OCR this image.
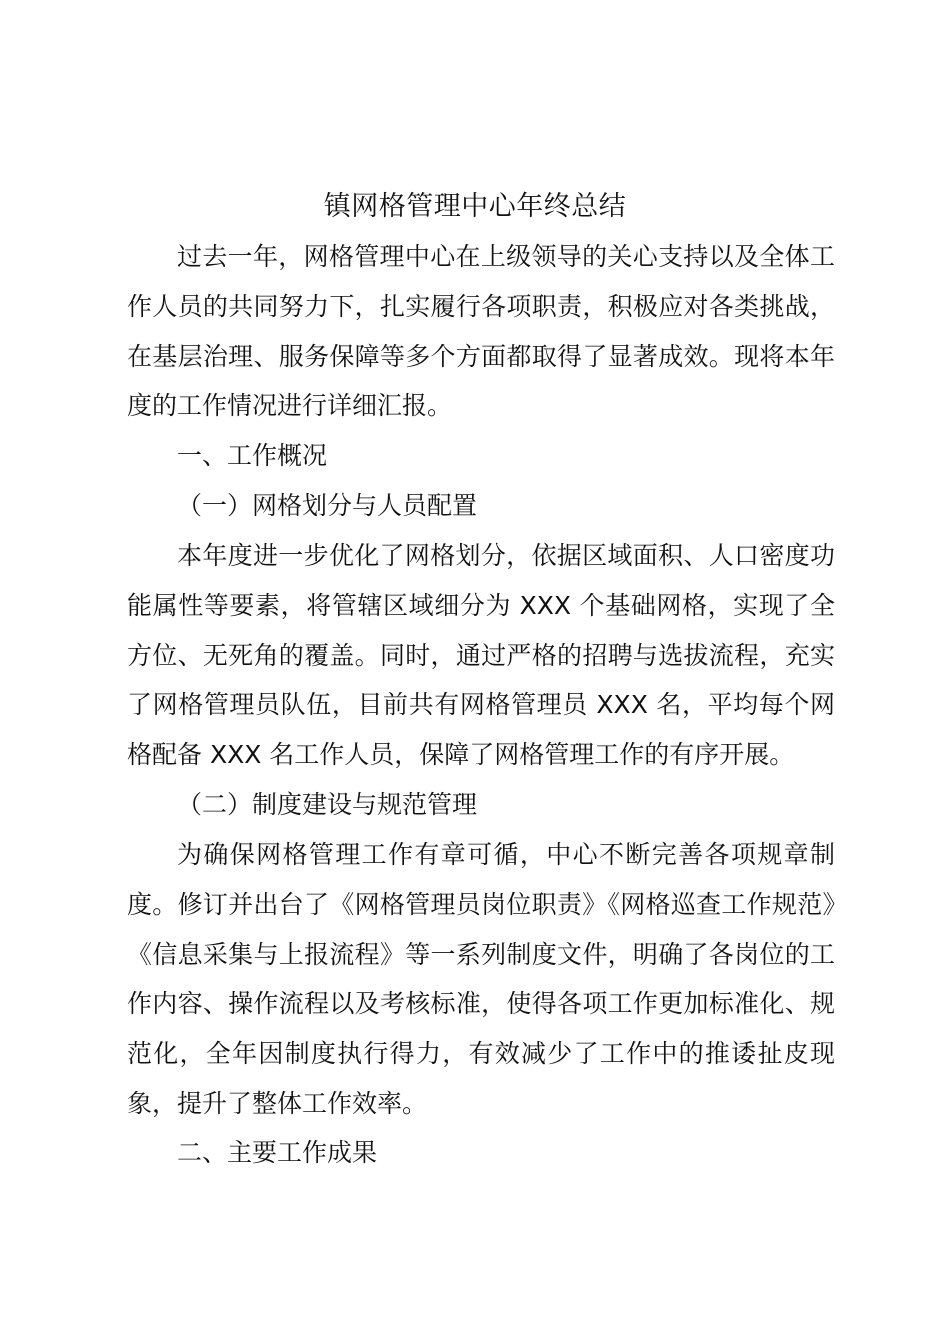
镇网格管理中心年终总结

过去一年，网格管理中心在上级领导的关心支持以及全体工作人员的共同努力下，扎实履行各项职责，积极应对各类挑战，在基层治理、服务保障等多个方面都取得了显著成效。现将本年度的工作情况进行详细汇报。

一、工作概况

（一）网格划分与人员配置

本年度进一步优化了网格划分，依据区域面积、人口密度功能属性等要素，将管辖区域细分为 XXX 个基础网格，实现了全方位、无死角的覆盖。同时，通过严格的招聘与选拔流程，充实了网格管理员队伍，目前共有网格管理员 XXX 名，平均每个网格配备 XXX 名工作人员，保障了网格管理工作的有序开展。

（二）制度建设与规范管理

为确保网格管理工作有章可循，中心不断完善各项规章制度。修订并出台了《网格管理员岗位职责》《网格巡查工作规范》《信息采集与上报流程》等一系列制度文件，明确了各岗位的工作内容、操作流程以及考核标准，使得各项工作更加标准化、规范化，全年因制度执行得力，有效减少了工作中的推诿扯皮现象，提升了整体工作效率。

二、主要工作成果
